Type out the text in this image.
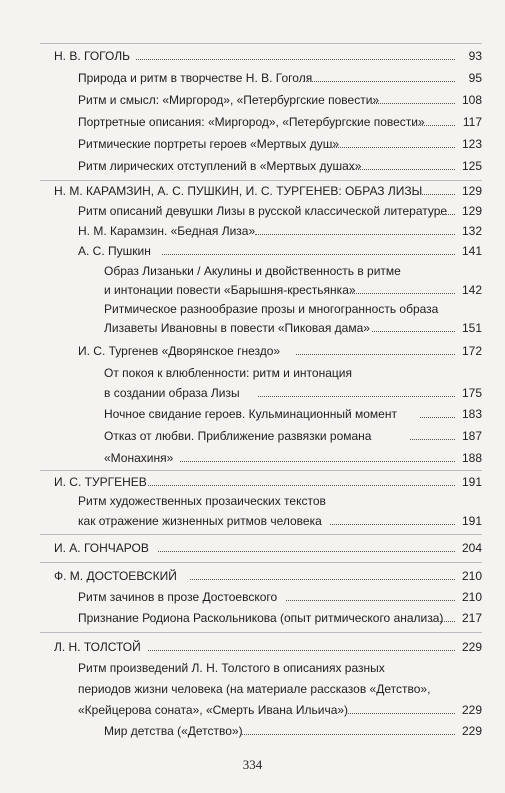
Н. В. ГОГОЛЬ	93
Природа и ритм в творчестве Н. В. Гоголя	95
Ритм и смысл: «Миргород», «Петербургские повести»	108
Портретные описания: «Миргород», «Петербургские повести»	117
Ритмические портреты героев «Мертвых душ»	123
Ритм лирических отступлений в «Мертвых душах»	125
Н. М. КАРАМЗИН, А. С. ПУШКИН, И. С. ТУРГЕНЕВ: ОБРАЗ ЛИЗЫ	129
Ритм описаний девушки Лизы в русской классической литературе 129
Н. М. Карамзин. «Бедная Лиза»	132
А. С. Пушкин	141
Образ Лизаньки / Акулины и двойственность в ритме
и интонации повести «Барышня-крестьянка»	142
Ритмическое разнообразие прозы и многогранность образа
Лизаветы Ивановны в повести «Пиковая дама»	151
И. С. Тургенев «Дворянское гнездо»	172
От покоя к влюбленности: ритм и интонация
в создании образа Лизы	175
Ночное свидание героев. Кульминационный момент	183
Отказ от любви. Приближение развязки романа	187
«Монахиня»	188
И. С. ТУРГЕНЕВ	191
Ритм художественных прозаических текстов
как отражение жизненных ритмов человека	191
И. А. ГОНЧАРОВ	204
Ф. М. ДОСТОЕВСКИЙ	210
Ритм зачинов в прозе Достоевского	210
Признание Родиона Раскольникова (опыт ритмического анализа) 217
Л. Н. ТОЛСТОЙ	229
Ритм произведений Л. Н. Толстого в описаниях разных
периодов жизни человека (на материале рассказов «Детство»,
«Крейцерова соната», «Смерть Ивана Ильича»)	229
Мир детства («Детство»)	229
334
